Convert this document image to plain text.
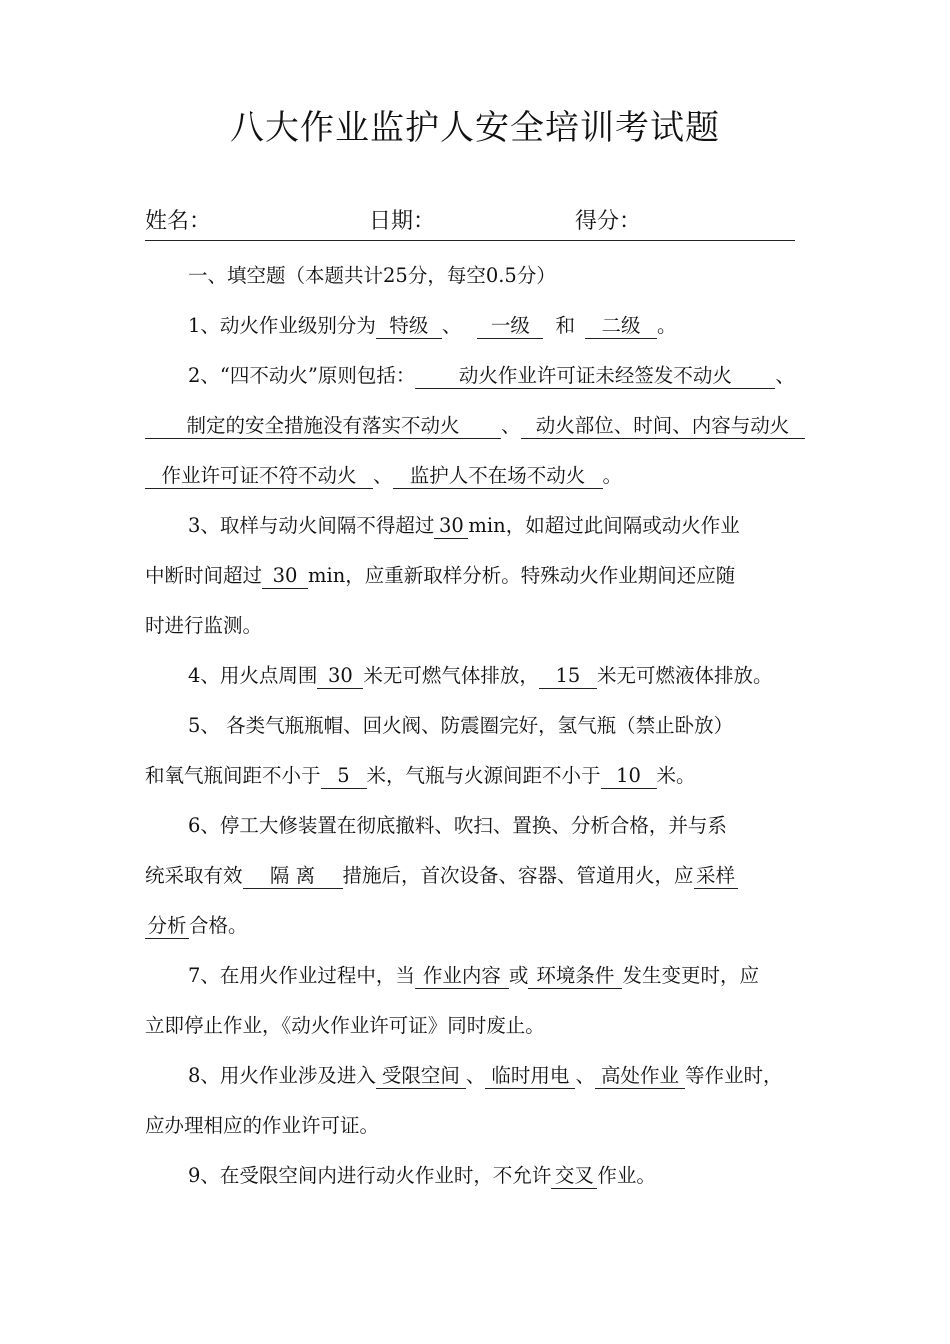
八大作业监护人安全培训考试题
姓名：	日期：	得分：
一、填空题（本题共计25分，每空0.5分）
1、动火作业级别分为 特级 、 一级 和 二级 。
2、“四不动火”原则包括： 动火作业许可证未经签发不动火 、
制定的安全措施没有落实不动火 、 动火部位、时间、内容与动火
作业许可证不符不动火 、 监护人不在场不动火 。
3、取样与动火间隔不得超过 30 min，如超过此间隔或动火作业
中断时间超过 30 min，应重新取样分析。特殊动火作业期间还应随
时进行监测。
4、用火点周围 30 米无可燃气体排放， 15 米无可燃液体排放。
5、 各类气瓶瓶帽、回火阀、防震圈完好，氢气瓶（禁止卧放）
和氧气瓶间距不小于 5 米，气瓶与火源间距不小于 10 米。
6、停工大修装置在彻底撤料、吹扫、置换、分析合格，并与系
统采取有效 隔 离 措施后，首次设备、容器、管道用火，应 采样
分析 合格。
7、在用火作业过程中，当 作业内容 或 环境条件 发生变更时，应
立即停止作业，《动火作业许可证》同时废止。
8、用火作业涉及进入 受限空间 、 临时用电 、 高处作业 等作业时，
应办理相应的作业许可证。
9、在受限空间内进行动火作业时，不允许 交叉 作业。
